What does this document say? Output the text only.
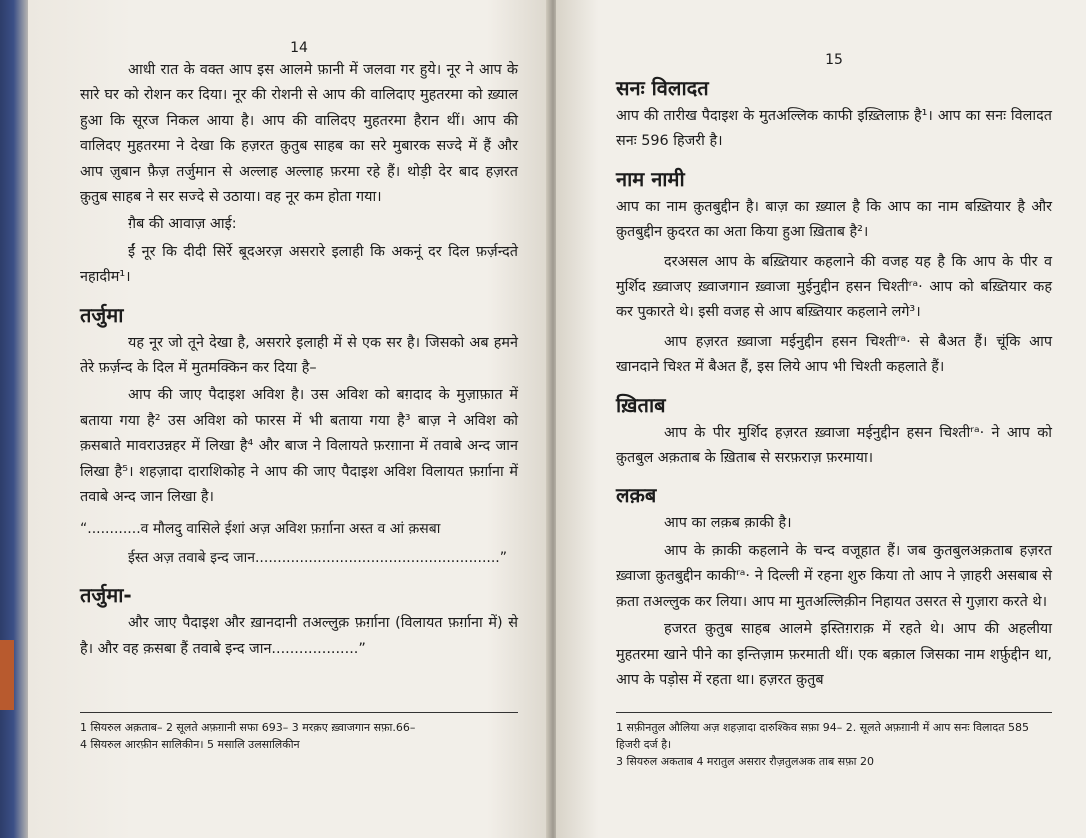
14

आधी रात के वक्त आप इस आलमे फ़ानी में जलवा गर हुये। नूर ने आप के सारे घर को रोशन कर दिया। नूर की रोशनी से आप की वालिदाए मुहतरमा को ख़्याल हुआ कि सूरज निकल आया है। आप की वालिदए मुहतरमा हैरान थीं। आप की वालिदए मुहतरमा ने देखा कि हज़रत क़ुतुब साहब का सरे मुबारक सज्दे में हैं और आप ज़ुबान फ़ैज़ तर्जुमान से अल्लाह अल्लाह फ़रमा रहे हैं। थोड़ी देर बाद हज़रत क़ुतुब साहब ने सर सज्दे से उठाया। वह नूर कम होता गया।

ग़ैब की आवाज़ आई:

ईं नूर कि दीदी सिर्रे बूदअरज़ असरारे इलाही कि अकनूं दर दिल फ़र्ज़न्दते नहादीम¹।

तर्जुमा

यह नूर जो तूने देखा है, असरारे इलाही में से एक सर है। जिसको अब हमने तेरे फ़र्ज़न्द के दिल में मुतमक्किन कर दिया है–

आप की जाए पैदाइश अविश है। उस अविश को बग़दाद के मुज़ाफ़ात में बताया गया है² उस अविश को फारस में भी बताया गया है³ बाज़ ने अविश को क़सबाते मावराउन्नहर में लिखा है⁴ और बाज ने विलायते फ़रग़ाना में तवाबे अन्द जान लिखा है⁵। शहज़ादा दाराशिकोह ने आप की जाए पैदाइश अविश विलायत फ़र्ग़ाना में तवाबे अन्द जान लिखा है।

“............व मौलदु वासिले ईशां अज़ अविश फ़र्ग़ाना अस्त व आं क़सबा

ईस्त अज़ तवाबे इन्द जान.......................................................”

तर्जुमा-

और जाए पैदाइश और ख़ानदानी तअल्लुक़ फ़र्ग़ाना (विलायत फ़र्ग़ाना में) से है। और वह क़सबा हैं तवाबे इन्द जान...................”

1 सियरुल अक़ताब– 2 सूलते अफ़ग़ानी सफा 693– 3 मरक़ए ख़्वाजगान सफ़ा.66–

4 सियरुल आरफ़ीन सालिकीन। 5 मसालि उलसालिकीन

15
सनः विलादत

आप की तारीख पैदाइश के मुतअल्लिक काफी इख़्तिलाफ़ है¹। आप का सनः विलादत सनः 596 हिजरी है।

नाम नामी

आप का नाम क़ुतबुद्दीन है। बाज़ का ख़्याल है कि आप का नाम बख़्तियार है और क़ुतबुद्दीन क़ुदरत का अता किया हुआ ख़िताब है²।

दरअसल आप के बख़्तियार कहलाने की वजह यह है कि आप के पीर व मुर्शिद ख़्वाजए ख़्वाजगान ख़्वाजा मुईनुद्दीन हसन चिश्तीʳᵃ· आप को बख़्तियार कह कर पुकारते थे। इसी वजह से आप बख़्तियार कहलाने लगे³।

आप हज़रत ख़्वाजा मईनुद्दीन हसन चिश्तीʳᵃ· से बैअत हैं। चूंकि आप खानदाने चिश्त में बैअत हैं, इस लिये आप भी चिश्ती कहलाते हैं।

ख़िताब

आप के पीर मुर्शिद हज़रत ख़्वाजा मईनुद्दीन हसन चिश्तीʳᵃ· ने आप को क़ुतबुल अक़ताब के ख़िताब से सरफ़राज़ फ़रमाया।

लक़ब

आप का लक़ब क़ाकी है।

आप के क़ाकी कहलाने के चन्द वजूहात हैं। जब कुतबुलअक़ताब हज़रत ख़्वाजा क़ुतबुद्दीन काकीʳᵃ· ने दिल्ली में रहना शुरु किया तो आप ने ज़ाहरी असबाब से क़ता तअल्लुक कर लिया। आप मा मुतअल्लिक़ीन निहायत उसरत से गुज़ारा करते थे।

हजरत क़ुतुब साहब आलमे इस्तिग़राक़ में रहते थे। आप की अहलीया मुहतरमा खाने पीने का इन्तिज़ाम फ़रमाती थीं। एक बक़ाल जिसका नाम शर्फ़ुद्दीन था, आप के पड़ोस में रहता था। हज़रत क़ुतुब

1 सफ़ीनतुल औलिया अज़ शहज़ादा दारुश्किव सफ़ा 94– 2. सूलते अफ़ग़ानी में आप सनः विलादत 585 हिजरी दर्ज है।

3 सियरुल अकताब 4 मरातुल असरार रौज़तुलअक ताब सफ़ा 20
